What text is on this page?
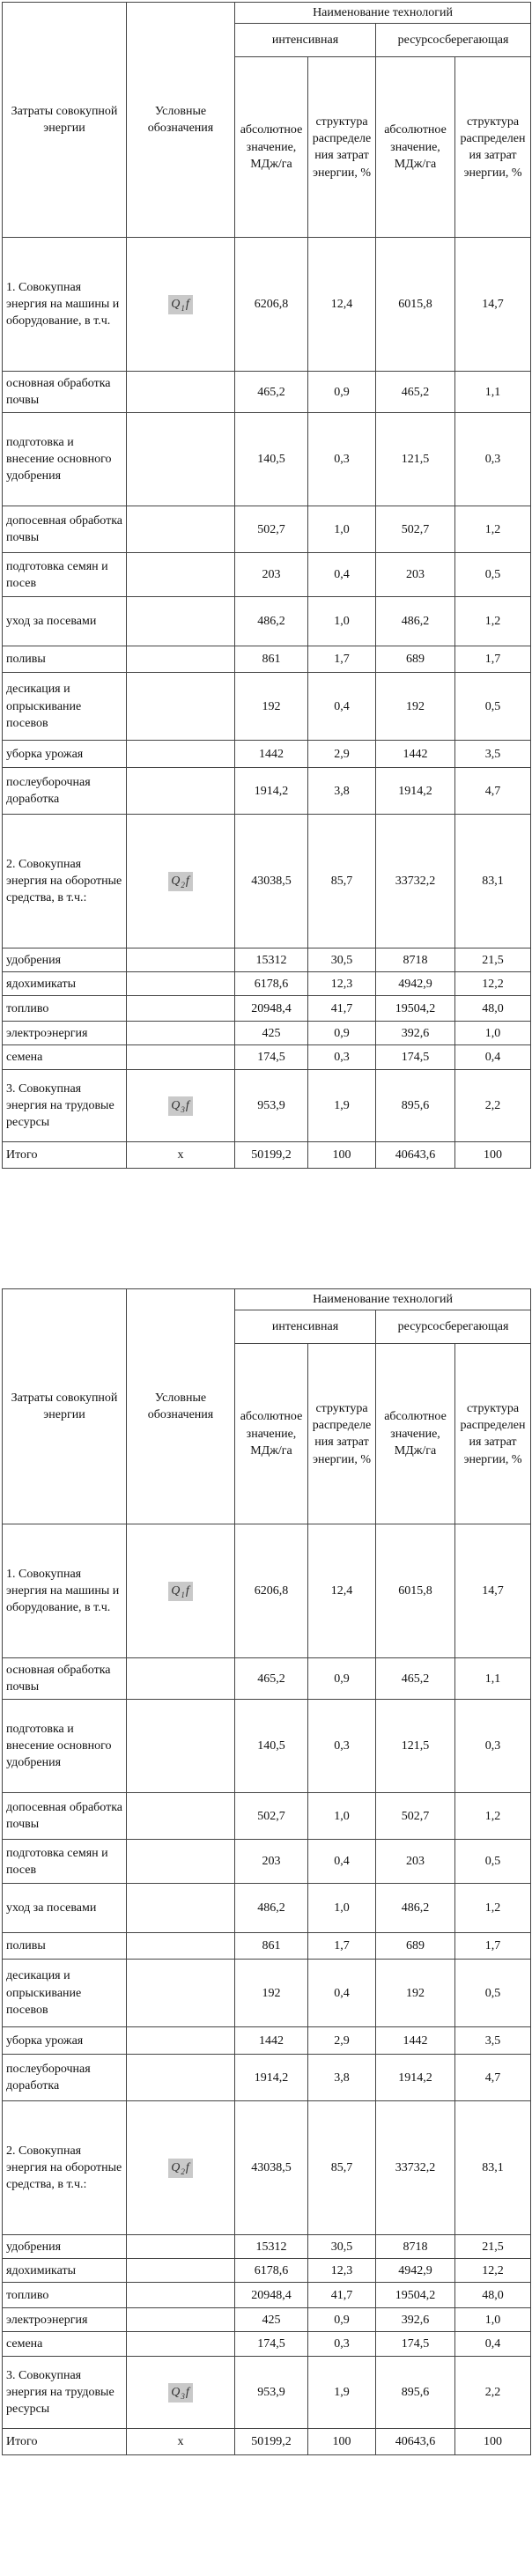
Затраты совокупной энергии	Условные обозначения	Наименование технологий			
		интенсивная		ресурсосберегающая	
		абсолютное значение, МДж/га	структура распределения затрат энергии, %	абсолютное значение, МДж/га	структура распределения затрат энергии, %
1. Совокупная энергия на машины и оборудование, в т.ч.	$Q_1f$	6206,8	12,4	6015,8	14,7
основная обработка почвы		465,2	0,9	465,2	1,1
подготовка и внесение основного удобрения		140,5	0,3	121,5	0,3
допосевная обработка почвы		502,7	1,0	502,7	1,2
подготовка семян и посев		203	0,4	203	0,5
уход за посевами		486,2	1,0	486,2	1,2
поливы		861	1,7	689	1,7
десикация и опрыскивание посевов		192	0,4	192	0,5
уборка урожая		1442	2,9	1442	3,5
послеуборочная доработка		1914,2	3,8	1914,2	4,7
2. Совокупная энергия на оборотные средства, в т.ч.:	$Q_2f$	43038,5	85,7	33732,2	83,1
удобрения		15312	30,5	8718	21,5
ядохимикаты		6178,6	12,3	4942,9	12,2
топливо		20948,4	41,7	19504,2	48,0
электроэнергия		425	0,9	392,6	1,0
семена		174,5	0,3	174,5	0,4
3. Совокупная энергия на трудовые ресурсы	$Q_3f$	953,9	1,9	895,6	2,2
Итого	x	50199,2	100	40643,6	100
Затраты совокупной энергии	Условные обозначения	Наименование технологий			
		интенсивная		ресурсосберегающая	
		абсолютное значение, МДж/га	структура распределения затрат энергии, %	абсолютное значение, МДж/га	структура распределения затрат энергии, %
1. Совокупная энергия на машины и оборудование, в т.ч.	$Q_1f$	6206,8	12,4	6015,8	14,7
основная обработка почвы		465,2	0,9	465,2	1,1
подготовка и внесение основного удобрения		140,5	0,3	121,5	0,3
допосевная обработка почвы		502,7	1,0	502,7	1,2
подготовка семян и посев		203	0,4	203	0,5
уход за посевами		486,2	1,0	486,2	1,2
поливы		861	1,7	689	1,7
десикация и опрыскивание посевов		192	0,4	192	0,5
уборка урожая		1442	2,9	1442	3,5
послеуборочная доработка		1914,2	3,8	1914,2	4,7
2. Совокупная энергия на оборотные средства, в т.ч.:	$Q_2f$	43038,5	85,7	33732,2	83,1
удобрения		15312	30,5	8718	21,5
ядохимикаты		6178,6	12,3	4942,9	12,2
топливо		20948,4	41,7	19504,2	48,0
электроэнергия		425	0,9	392,6	1,0
семена		174,5	0,3	174,5	0,4
3. Совокупная энергия на трудовые ресурсы	$Q_3f$	953,9	1,9	895,6	2,2
Итого	x	50199,2	100	40643,6	100
